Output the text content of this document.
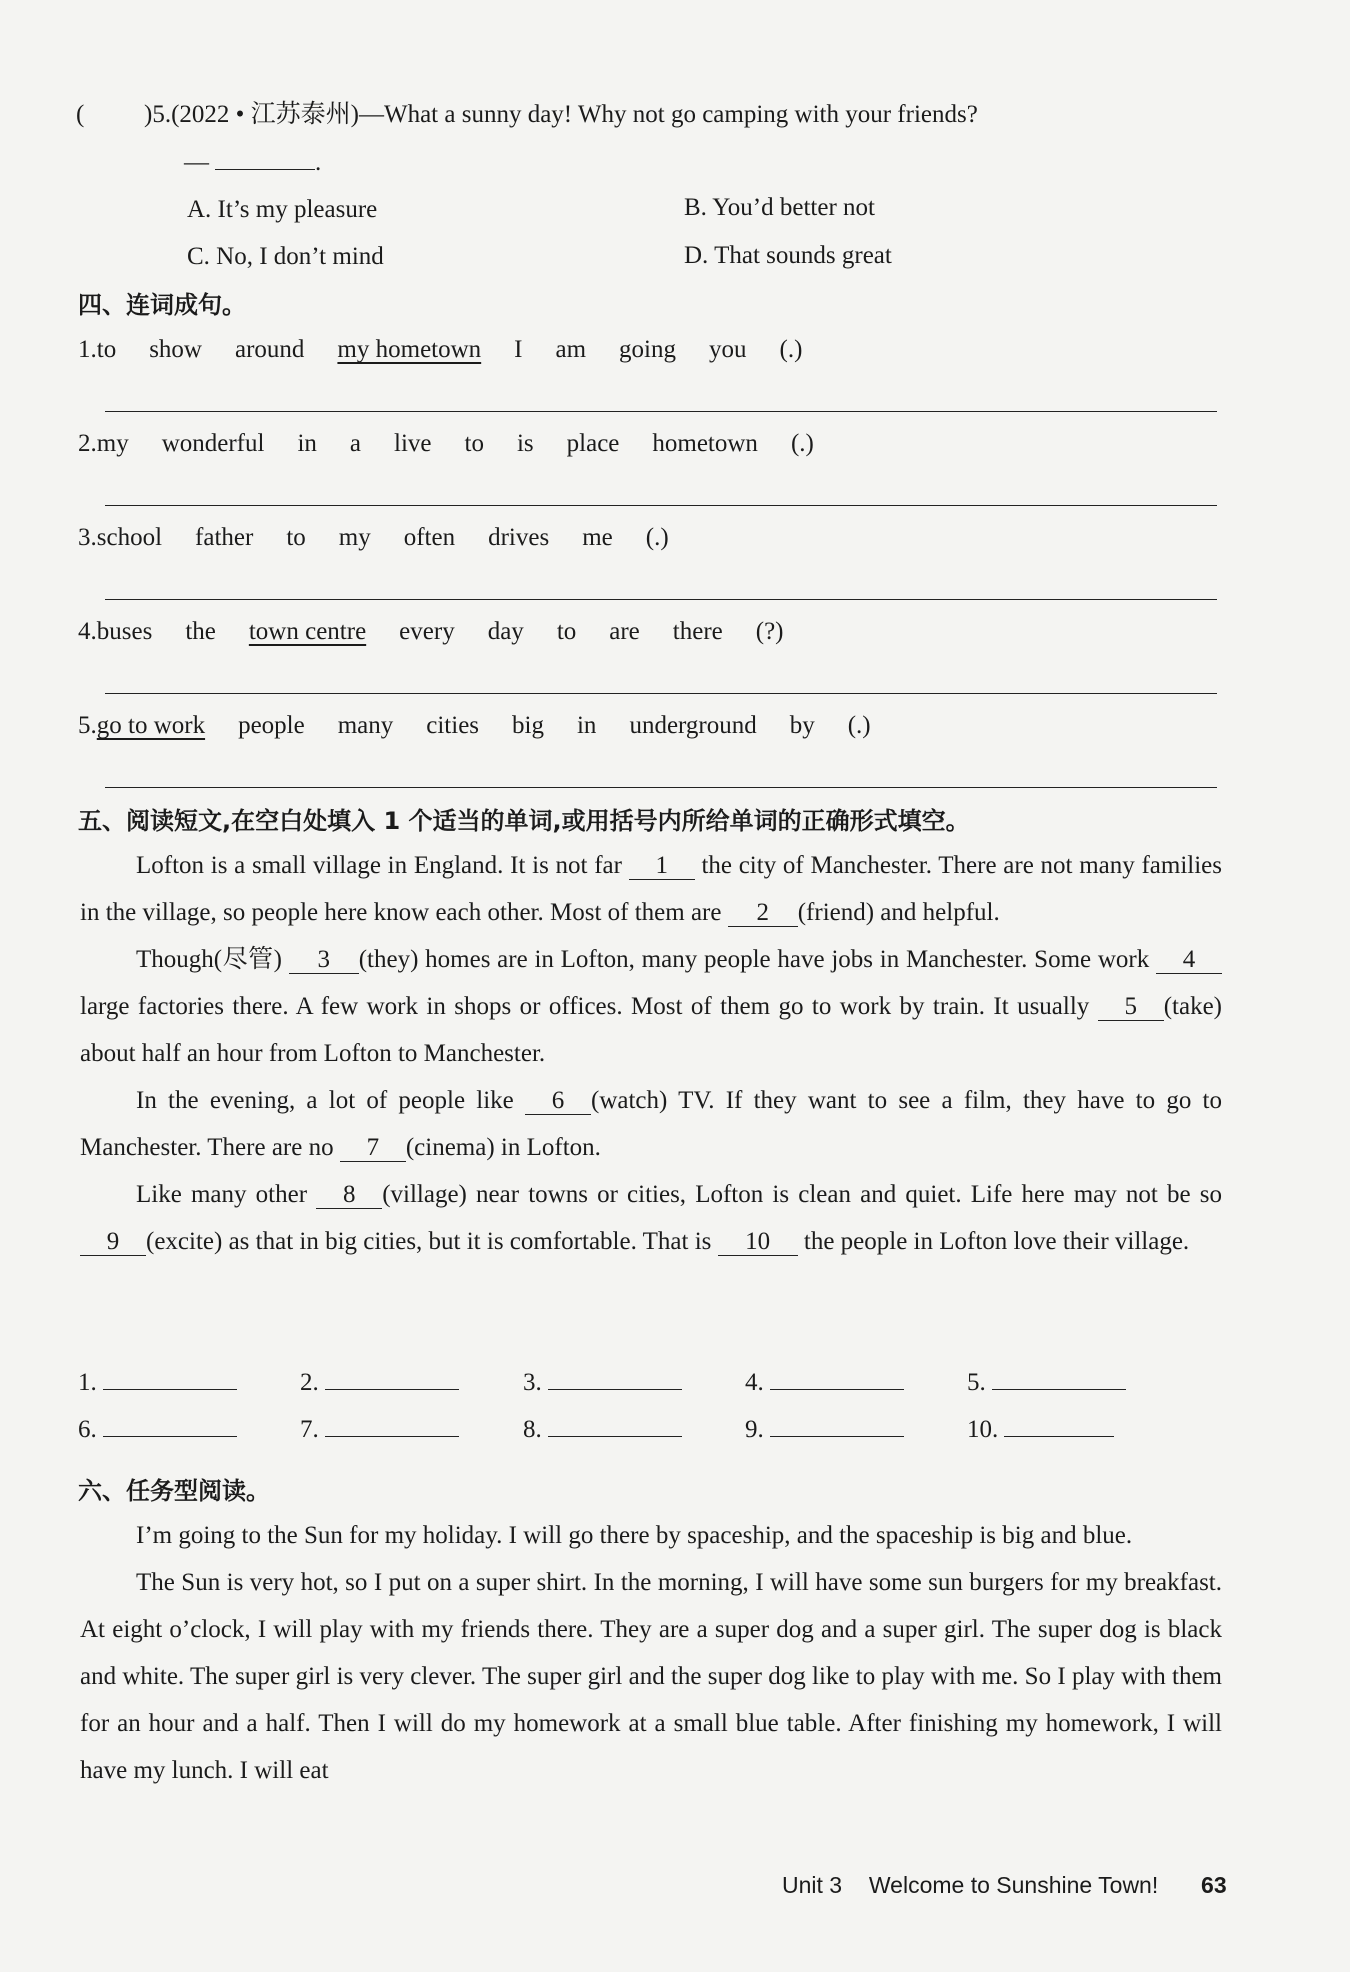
( )5.(2022 • 江苏泰州)—What a sunny day! Why not go camping with your friends?
—	.
A. It’s my pleasure	B. You’d better not
C. No, I don’t mind	D. That sounds great
四、连词成句。
1. to show around my hometown I am going you (.)
2. my wonderful in a live to is place hometown (.)
3. school father to my often drives me (.)
4. buses the town centre every day to are there (?)
5. go to work people many cities big in underground by (.)
五、阅读短文,在空白处填入 1 个适当的单词,或用括号内所给单词的正确形式填空。

Lofton is a small village in England. It is not far 1 the city of Manchester. There are not many families in the village, so people here know each other. Most of them are 2 (friend) and helpful.

Though(尽管) 3 (they) homes are in Lofton, many people have jobs in Manchester. Some work 4 large factories there. A few work in shops or offices. Most of them go to work by train. It usually 5 (take) about half an hour from Lofton to Manchester.

In the evening, a lot of people like 6 (watch) TV. If they want to see a film, they have to go to Manchester. There are no 7 (cinema) in Lofton.

Like many other 8 (village) near towns or cities, Lofton is clean and quiet. Life here may not be so 9 (excite) as that in big cities, but it is comfortable. That is 10 the people in Lofton love their village.

1.	2.	3.	4.	5.
6.	7.	8.	9.	10.
六、任务型阅读。

I’m going to the Sun for my holiday. I will go there by spaceship, and the spaceship is big and blue.

The Sun is very hot, so I put on a super shirt. In the morning, I will have some sun burgers for my breakfast. At eight o’clock, I will play with my friends there. They are a super dog and a super girl. The super dog is black and white. The super girl is very clever. The super girl and the super dog like to play with me. So I play with them for an hour and a half. Then I will do my homework at a small blue table. After finishing my homework, I will have my lunch. I will eat

Unit 3 Welcome to Sunshine Town! 63
